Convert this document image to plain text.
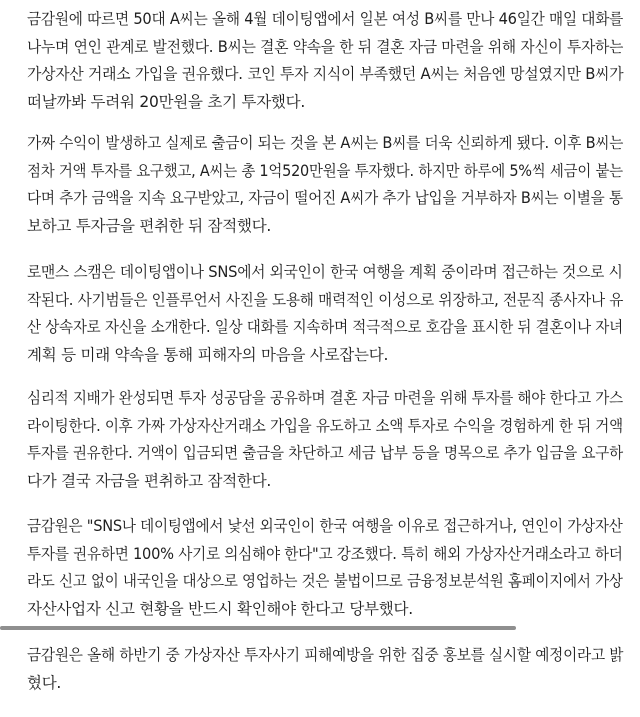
금감원에 따르면 50대 A씨는 올해 4월 데이팅앱에서 일본 여성 B씨를 만나 46일간 매일 대화를
나누며 연인 관계로 발전했다. B씨는 결혼 약속을 한 뒤 결혼 자금 마련을 위해 자신이 투자하는
가상자산 거래소 가입을 권유했다. 코인 투자 지식이 부족했던 A씨는 처음엔 망설였지만 B씨가
떠날까봐 두려워 20만원을 초기 투자했다.

가짜 수익이 발생하고 실제로 출금이 되는 것을 본 A씨는 B씨를 더욱 신뢰하게 됐다. 이후 B씨는
점차 거액 투자를 요구했고, A씨는 총 1억520만원을 투자했다. 하지만 하루에 5%씩 세금이 붙는
다며 추가 금액을 지속 요구받았고, 자금이 떨어진 A씨가 추가 납입을 거부하자 B씨는 이별을 통
보하고 투자금을 편취한 뒤 잠적했다.

로맨스 스캠은 데이팅앱이나 SNS에서 외국인이 한국 여행을 계획 중이라며 접근하는 것으로 시
작된다. 사기범들은 인플루언서 사진을 도용해 매력적인 이성으로 위장하고, 전문직 종사자나 유
산 상속자로 자신을 소개한다. 일상 대화를 지속하며 적극적으로 호감을 표시한 뒤 결혼이나 자녀
계획 등 미래 약속을 통해 피해자의 마음을 사로잡는다.

심리적 지배가 완성되면 투자 성공담을 공유하며 결혼 자금 마련을 위해 투자를 해야 한다고 가스
라이팅한다. 이후 가짜 가상자산거래소 가입을 유도하고 소액 투자로 수익을 경험하게 한 뒤 거액
투자를 권유한다. 거액이 입금되면 출금을 차단하고 세금 납부 등을 명목으로 추가 입금을 요구하
다가 결국 자금을 편취하고 잠적한다.

금감원은 "SNS나 데이팅앱에서 낯선 외국인이 한국 여행을 이유로 접근하거나, 연인이 가상자산
투자를 권유하면 100% 사기로 의심해야 한다"고 강조했다. 특히 해외 가상자산거래소라고 하더
라도 신고 없이 내국인을 대상으로 영업하는 것은 불법이므로 금융정보분석원 홈페이지에서 가상
자산사업자 신고 현황을 반드시 확인해야 한다고 당부했다.

금감원은 올해 하반기 중 가상자산 투자사기 피해예방을 위한 집중 홍보를 실시할 예정이라고 밝
혔다.
